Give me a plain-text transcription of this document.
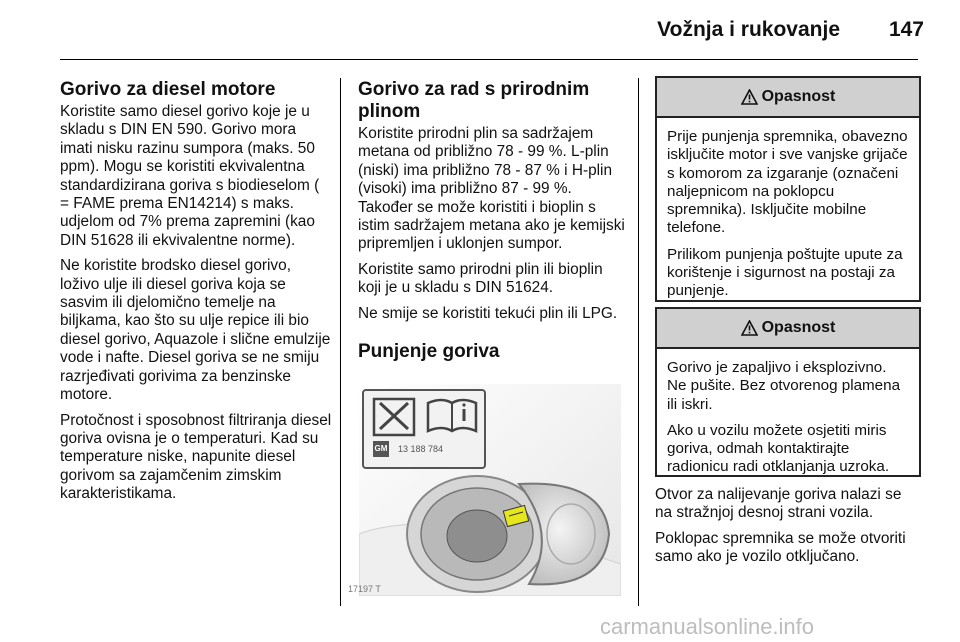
Vožnja i rukovanje	147
Gorivo za diesel motore

Koristite samo diesel gorivo koje je u skladu s DIN EN 590. Gorivo mora imati nisku razinu sumpora (maks. 50 ppm). Mogu se koristiti ekvivalentna standardizirana goriva s biodieselom ( = FAME prema EN14214) s maks. udjelom od 7% prema zapremini (kao DIN 51628 ili ekvivalentne norme).

Ne koristite brodsko diesel gorivo, loživo ulje ili diesel goriva koja se sasvim ili djelomično temelje na biljkama, kao što su ulje repice ili bio diesel gorivo, Aquazole i slične emulzije vode i nafte. Diesel goriva se ne smiju razrjeđivati gorivima za benzinske motore.

Protočnost i sposobnost filtriranja diesel goriva ovisna je o temperaturi. Kad su temperature niske, napunite diesel gorivom sa zajamčenim zimskim karakteristikama.

Gorivo za rad s prirodnim plinom

Koristite prirodni plin sa sadržajem metana od približno 78 - 99 %. L-plin (niski) ima približno 78 - 87 % i H-plin (visoki) ima približno 87 - 99 %. Također se može koristiti i bioplin s istim sadržajem metana ako je kemijski pripremljen i uklonjen sumpor.

Koristite samo prirodni plin ili bioplin koji je u skladu s DIN 51624.

Ne smije se koristiti tekući plin ili LPG.

Punjenje goriva
GM 13 188 784
17197 T
Opasnost

Prije punjenja spremnika, obavezno isključite motor i sve vanjske grijače s komorom za izgaranje (označeni naljepnicom na poklopcu spremnika). Isključite mobilne telefone.

Prilikom punjenja poštujte upute za korištenje i sigurnost na postaji za punjenje.

Opasnost

Gorivo je zapaljivo i eksplozivno. Ne pušite. Bez otvorenog plamena ili iskri.

Ako u vozilu možete osjetiti miris goriva, odmah kontaktirajte radionicu radi otklanjanja uzroka.

Otvor za nalijevanje goriva nalazi se na stražnjoj desnoj strani vozila.

Poklopac spremnika se može otvoriti samo ako je vozilo otključano.

carmanualsonline.info
